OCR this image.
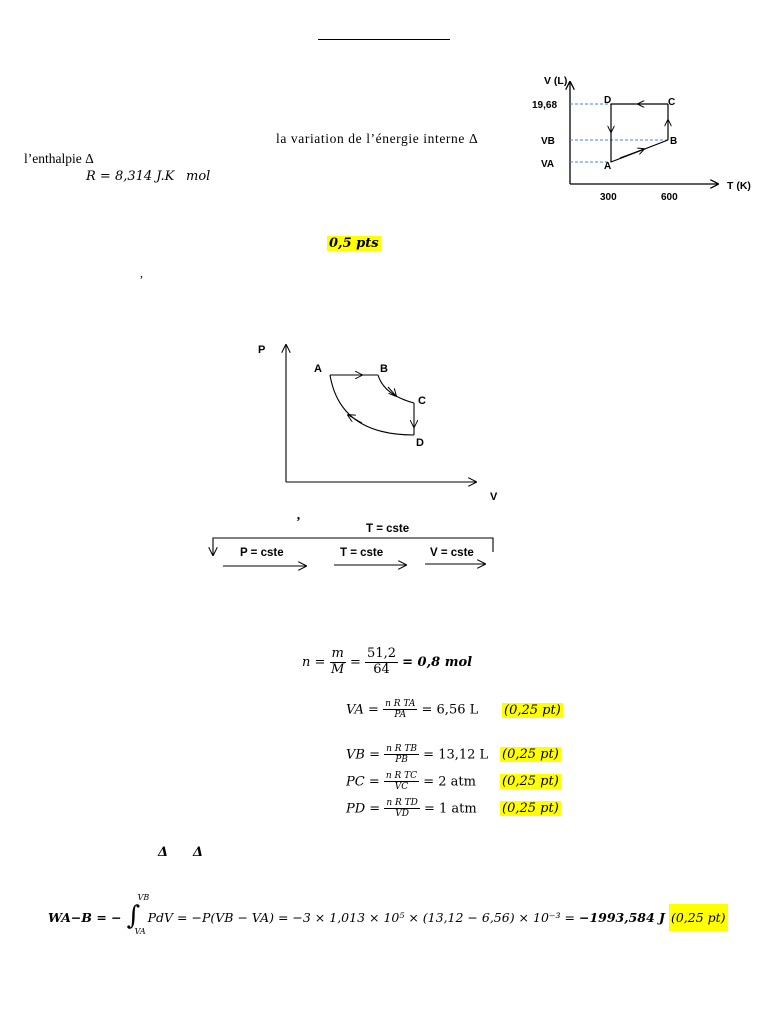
la variation de l’énergie interne Δ
l’enthalpie Δ
R = 8,314 J.K mol
V (L)
T (K)
19,68
VB
VA
300	600
A
B
C
D
0,5 pts
,
P
V
A	B
C
D
’	T = cste
P = cste	T = cste	V = cste
$n = \frac{m}{M} = \frac{51,2}{64} = 0,8$ mol
VA = $\frac{\text{n R TA}}{PA} = 6,56$ L (0,25 pt)
VB = $\frac{\text{n R TB}}{PB} = 13,12$ L (0,25 pt)
PC = $\frac{\text{n R TC}}{VC} = 2$ atm (0,25 pt)
PD = $\frac{\text{n R TD}}{VD} = 1$ atm (0,25 pt)
Δ Δ
WA−B = − ∫
VB
VA
PdV = −P(VB − VA) = −3 × 1,013 × 10⁵ × (13,12 − 6,56) × 10⁻³ = −1993,584 J (0,25 pt)
